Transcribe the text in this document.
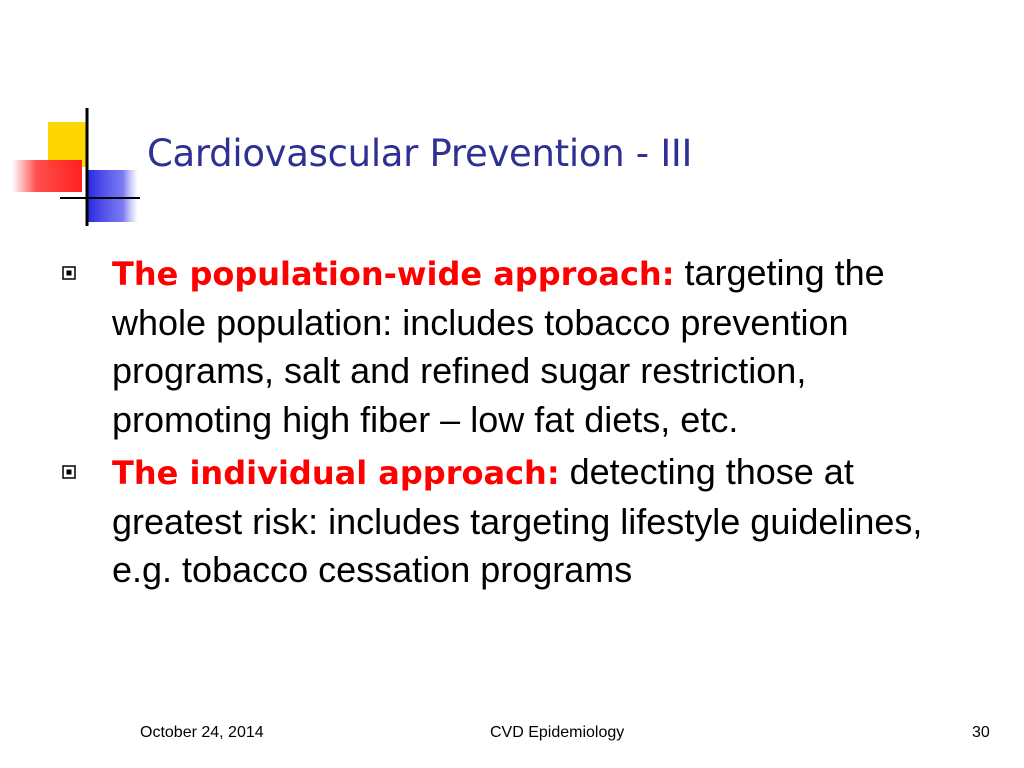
Cardiovascular Prevention - III
The population-wide approach: targeting the whole population: includes tobacco prevention programs, salt and refined sugar restriction, promoting high fiber – low fat diets, etc.
The individual approach: detecting those at greatest risk: includes targeting lifestyle guidelines, e.g. tobacco cessation programs
October 24, 2014	CVD Epidemiology	30
